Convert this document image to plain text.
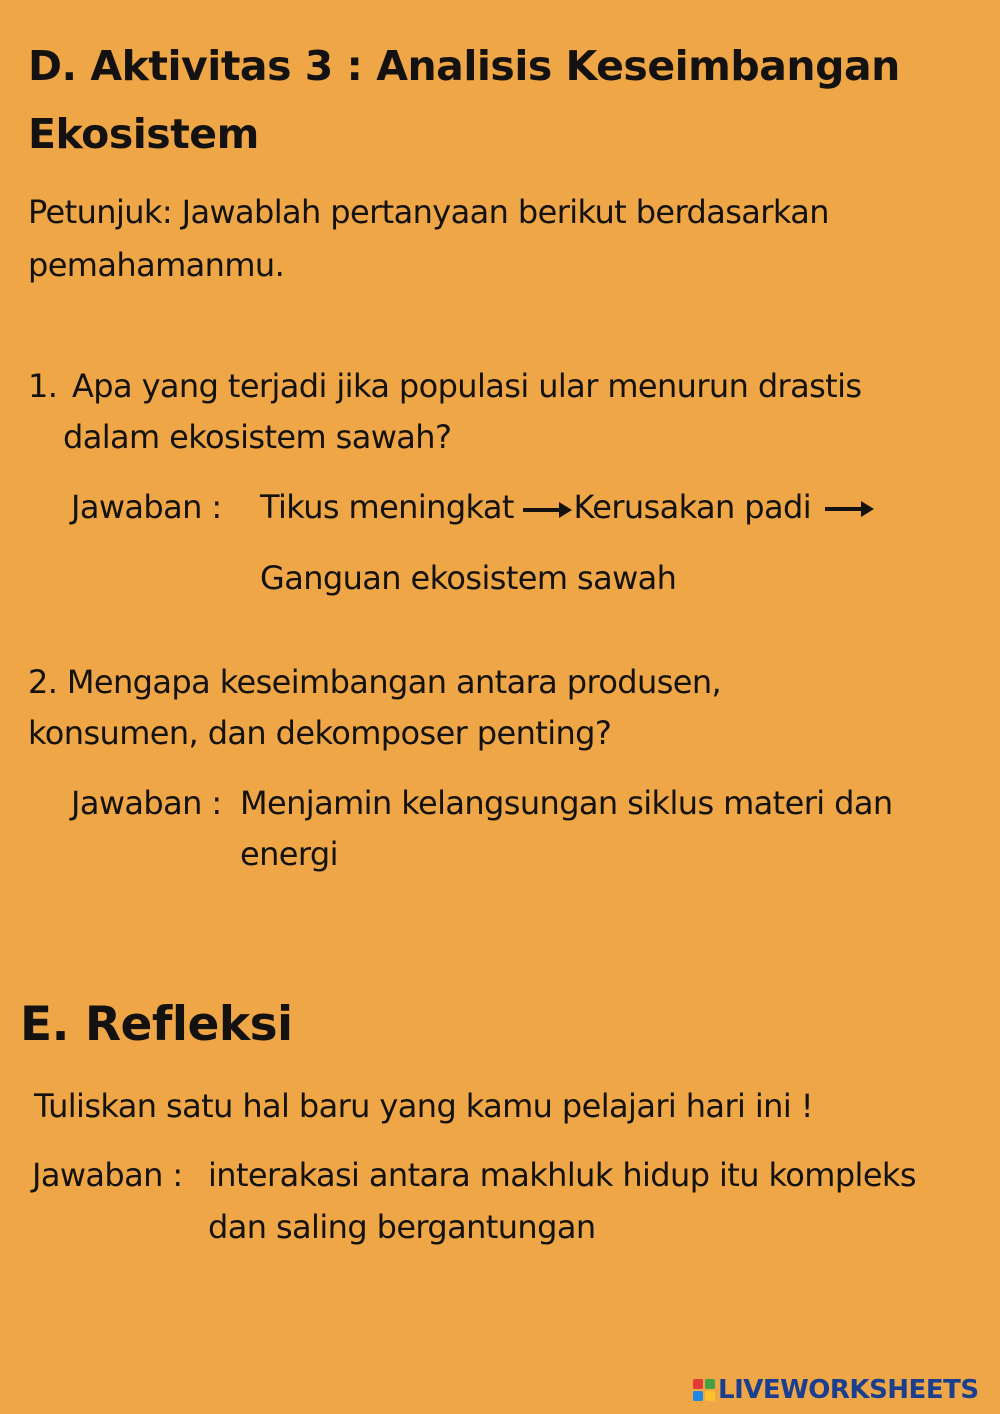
D. Aktivitas 3 : Analisis Keseimbangan
Ekosistem

Petunjuk: Jawablah pertanyaan berikut berdasarkan

pemahamanmu.

1. Apa yang terjadi jika populasi ular menurun drastis
dalam ekosistem sawah?
Jawaban : Tikus meningkat Kerusakan padi
Ganguan ekosistem sawah
2. Mengapa keseimbangan antara produsen,
konsumen, dan dekomposer penting?
Jawaban : Menjamin kelangsungan siklus materi dan
energi
E. Refleksi

Tuliskan satu hal baru yang kamu pelajari hari ini !

Jawaban : interakasi antara makhluk hidup itu kompleks
dan saling bergantungan
LIVEWORKSHEETS
